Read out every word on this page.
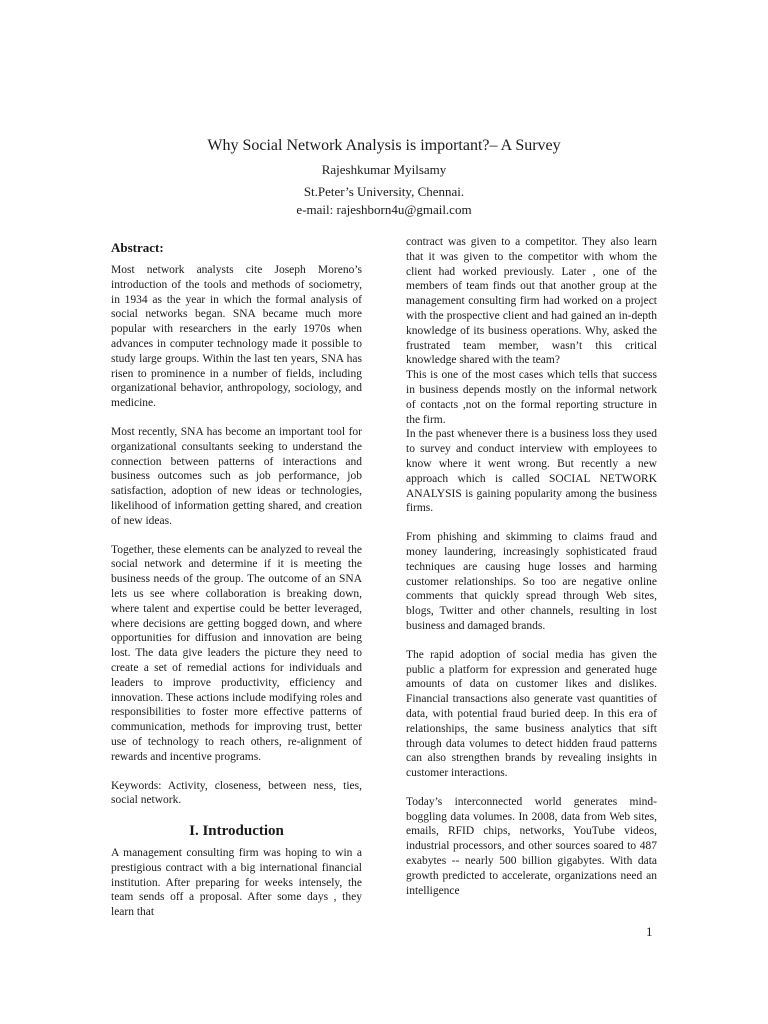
Why Social Network Analysis is important?– A Survey
Rajeshkumar Myilsamy
St.Peter’s University, Chennai.
e-mail: rajeshborn4u@gmail.com
Abstract:

Most network analysts cite Joseph Moreno’s introduction of the tools and methods of sociometry, in 1934 as the year in which the formal analysis of social networks began. SNA became much more popular with researchers in the early 1970s when advances in computer technology made it possible to study large groups. Within the last ten years, SNA has risen to prominence in a number of fields, including organizational behavior, anthropology, sociology, and medicine.

Most recently, SNA has become an important tool for organizational consultants seeking to understand the connection between patterns of interactions and business outcomes such as job performance, job satisfaction, adoption of new ideas or technologies, likelihood of information getting shared, and creation of new ideas.

Together, these elements can be analyzed to reveal the social network and determine if it is meeting the business needs of the group. The outcome of an SNA lets us see where collaboration is breaking down, where talent and expertise could be better leveraged, where decisions are getting bogged down, and where opportunities for diffusion and innovation are being lost. The data give leaders the picture they need to create a set of remedial actions for individuals and leaders to improve productivity, efficiency and innovation. These actions include modifying roles and responsibilities to foster more effective patterns of communication, methods for improving trust, better use of technology to reach others, re-alignment of rewards and incentive programs.

Keywords: Activity, closeness, between ness, ties, social network.

I. Introduction

A management consulting firm was hoping to win a prestigious contract with a big international financial institution. After preparing for weeks intensely, the team sends off a proposal. After some days , they learn that

contract was given to a competitor. They also learn that it was given to the competitor with whom the client had worked previously. Later , one of the members of team finds out that another group at the management consulting firm had worked on a project with the prospective client and had gained an in-depth knowledge of its business operations. Why, asked the frustrated team member, wasn’t this critical knowledge shared with the team?

This is one of the most cases which tells that success in business depends mostly on the informal network of contacts ,not on the formal reporting structure in the firm.

In the past whenever there is a business loss they used to survey and conduct interview with employees to know where it went wrong. But recently a new approach which is called SOCIAL NETWORK ANALYSIS is gaining popularity among the business firms.

From phishing and skimming to claims fraud and money laundering, increasingly sophisticated fraud techniques are causing huge losses and harming customer relationships. So too are negative online comments that quickly spread through Web sites, blogs, Twitter and other channels, resulting in lost business and damaged brands.

The rapid adoption of social media has given the public a platform for expression and generated huge amounts of data on customer likes and dislikes. Financial transactions also generate vast quantities of data, with potential fraud buried deep. In this era of relationships, the same business analytics that sift through data volumes to detect hidden fraud patterns can also strengthen brands by revealing insights in customer interactions.

Today’s interconnected world generates mind-boggling data volumes. In 2008, data from Web sites, emails, RFID chips, networks, YouTube videos, industrial processors, and other sources soared to 487 exabytes -- nearly 500 billion gigabytes. With data growth predicted to accelerate, organizations need an intelligence

1
